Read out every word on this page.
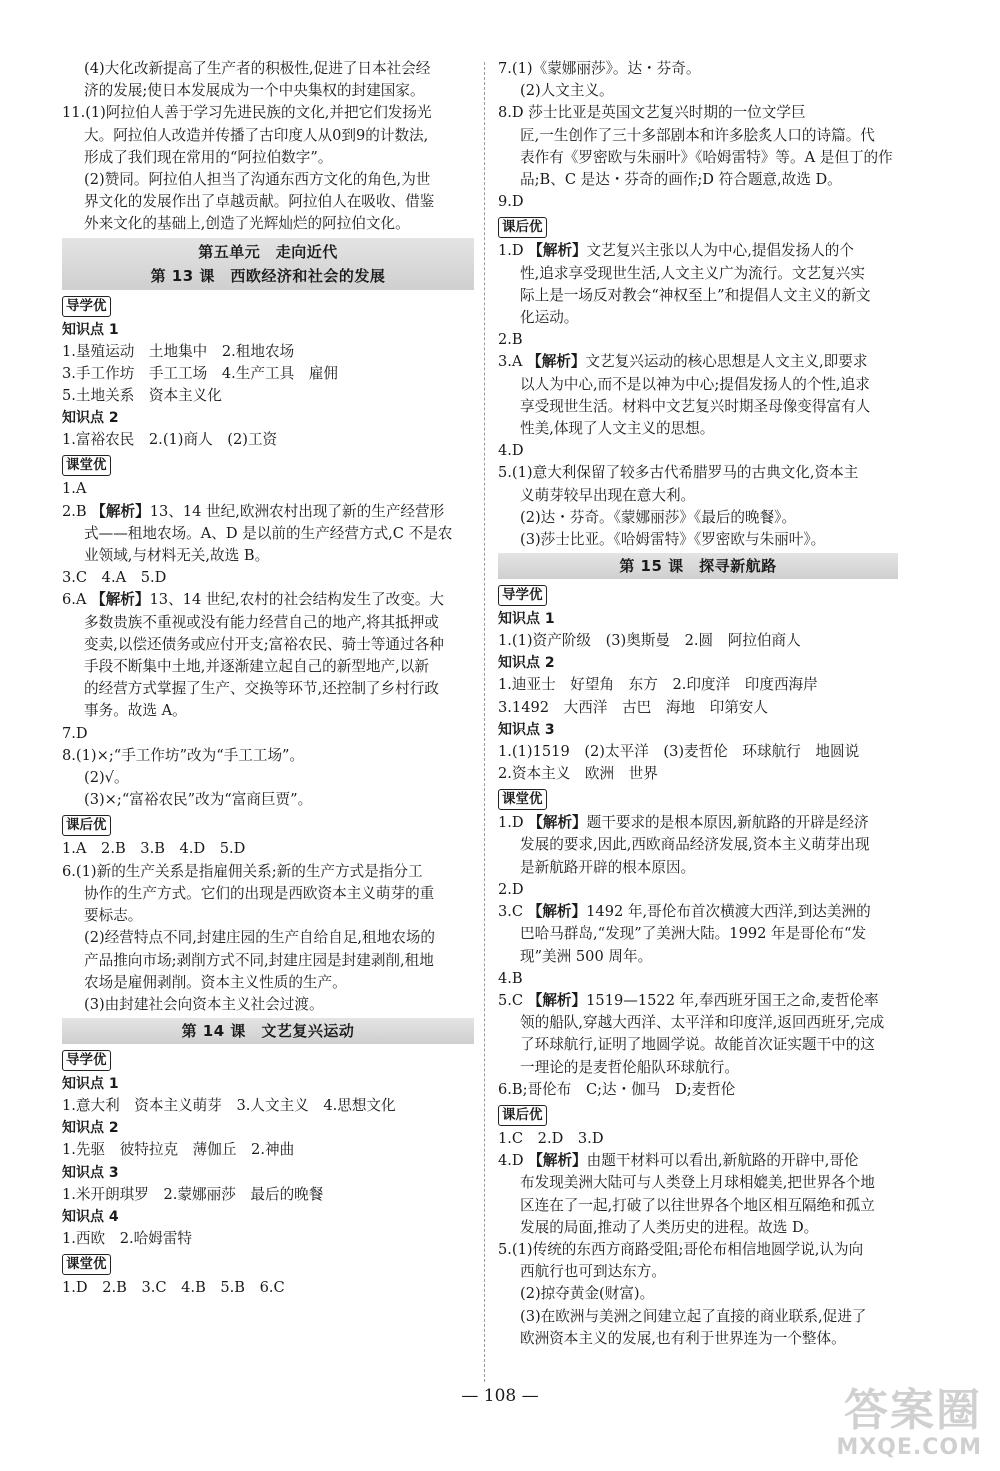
(4)大化改新提高了生产者的积极性,促进了日本社会经

济的发展;使日本发展成为一个中央集权的封建国家。

11.(1)阿拉伯人善于学习先进民族的文化,并把它们发扬光

大。阿拉伯人改造并传播了古印度人从0到9的计数法,

形成了我们现在常用的“阿拉伯数字”。

(2)赞同。阿拉伯人担当了沟通东西方文化的角色,为世

界文化的发展作出了卓越贡献。阿拉伯人在吸收、借鉴

外来文化的基础上,创造了光辉灿烂的阿拉伯文化。

第五单元　走向近代
第 13 课　西欧经济和社会的发展
导学优

知识点 1

1.垦殖运动　土地集中　2.租地农场

3.手工作坊　手工工场　4.生产工具　雇佣

5.土地关系　资本主义化

知识点 2

1.富裕农民　2.(1)商人　(2)工资

课堂优

1.A

2.B 【解析】13、14 世纪,欧洲农村出现了新的生产经营形

式——租地农场。A、D 是以前的生产经营方式,C 不是农

业领域,与材料无关,故选 B。

3.C　4.A　5.D

6.A 【解析】13、14 世纪,农村的社会结构发生了改变。大

多数贵族不重视或没有能力经营自己的地产,将其抵押或

变卖,以偿还债务或应付开支;富裕农民、骑士等通过各种

手段不断集中土地,并逐渐建立起自己的新型地产,以新

的经营方式掌握了生产、交换等环节,还控制了乡村行政

事务。故选 A。

7.D

8.(1)×;“手工作坊”改为“手工工场”。

(2)√。

(3)×;“富裕农民”改为“富商巨贾”。

课后优

1.A　2.B　3.B　4.D　5.D

6.(1)新的生产关系是指雇佣关系;新的生产方式是指分工

协作的生产方式。它们的出现是西欧资本主义萌芽的重

要标志。

(2)经营特点不同,封建庄园的生产自给自足,租地农场的

产品推向市场;剥削方式不同,封建庄园是封建剥削,租地

农场是雇佣剥削。资本主义性质的生产。

(3)由封建社会向资本主义社会过渡。

第 14 课　文艺复兴运动
导学优

知识点 1

1.意大利　资本主义萌芽　3.人文主义　4.思想文化

知识点 2

1.先驱　彼特拉克　薄伽丘　2.神曲

知识点 3

1.米开朗琪罗　2.蒙娜丽莎　最后的晚餐

知识点 4

1.西欧　2.哈姆雷特

课堂优

1.D　2.B　3.C　4.B　5.B　6.C

7.(1)《蒙娜丽莎》。达・芬奇。

(2)人文主义。

8.D 莎士比亚是英国文艺复兴时期的一位文学巨

匠,一生创作了三十多部剧本和许多脍炙人口的诗篇。代

表作有《罗密欧与朱丽叶》《哈姆雷特》等。A 是但丁的作

品;B、C 是达・芬奇的画作;D 符合题意,故选 D。

9.D

课后优

1.D 【解析】文艺复兴主张以人为中心,提倡发扬人的个

性,追求享受现世生活,人文主义广为流行。文艺复兴实

际上是一场反对教会“神权至上”和提倡人文主义的新文

化运动。

2.B

3.A 【解析】文艺复兴运动的核心思想是人文主义,即要求

以人为中心,而不是以神为中心;提倡发扬人的个性,追求

享受现世生活。材料中文艺复兴时期圣母像变得富有人

性美,体现了人文主义的思想。

4.D

5.(1)意大利保留了较多古代希腊罗马的古典文化,资本主

义萌芽较早出现在意大利。

(2)达・芬奇。《蒙娜丽莎》《最后的晚餐》。

(3)莎士比亚。《哈姆雷特》《罗密欧与朱丽叶》。

第 15 课　探寻新航路
导学优

知识点 1

1.(1)资产阶级　(3)奥斯曼　2.圆　阿拉伯商人

知识点 2

1.迪亚士　好望角　东方　2.印度洋　印度西海岸

3.1492　大西洋　古巴　海地　印第安人

知识点 3

1.(1)1519　(2)太平洋　(3)麦哲伦　环球航行　地圆说

2.资本主义　欧洲　世界

课堂优

1.D 【解析】题干要求的是根本原因,新航路的开辟是经济

发展的要求,因此,西欧商品经济发展,资本主义萌芽出现

是新航路开辟的根本原因。

2.D

3.C 【解析】1492 年,哥伦布首次横渡大西洋,到达美洲的

巴哈马群岛,“发现”了美洲大陆。1992 年是哥伦布“发

现”美洲 500 周年。

4.B

5.C 【解析】1519—1522 年,奉西班牙国王之命,麦哲伦率

领的船队,穿越大西洋、太平洋和印度洋,返回西班牙,完成

了环球航行,证明了地圆学说。故能首次证实题干中的这

一理论的是麦哲伦船队环球航行。

6.B;哥伦布　C;达・伽马　D;麦哲伦

课后优

1.C　2.D　3.D

4.D 【解析】由题干材料可以看出,新航路的开辟中,哥伦

布发现美洲大陆可与人类登上月球相媲美,把世界各个地

区连在了一起,打破了以往世界各个地区相互隔绝和孤立

发展的局面,推动了人类历史的进程。故选 D。

5.(1)传统的东西方商路受阻;哥伦布相信地圆学说,认为向

西航行也可到达东方。

(2)掠夺黄金(财富)。

(3)在欧洲与美洲之间建立起了直接的商业联系,促进了

欧洲资本主义的发展,也有利于世界连为一个整体。

— 108 —	答案圈
MXQE.COM
